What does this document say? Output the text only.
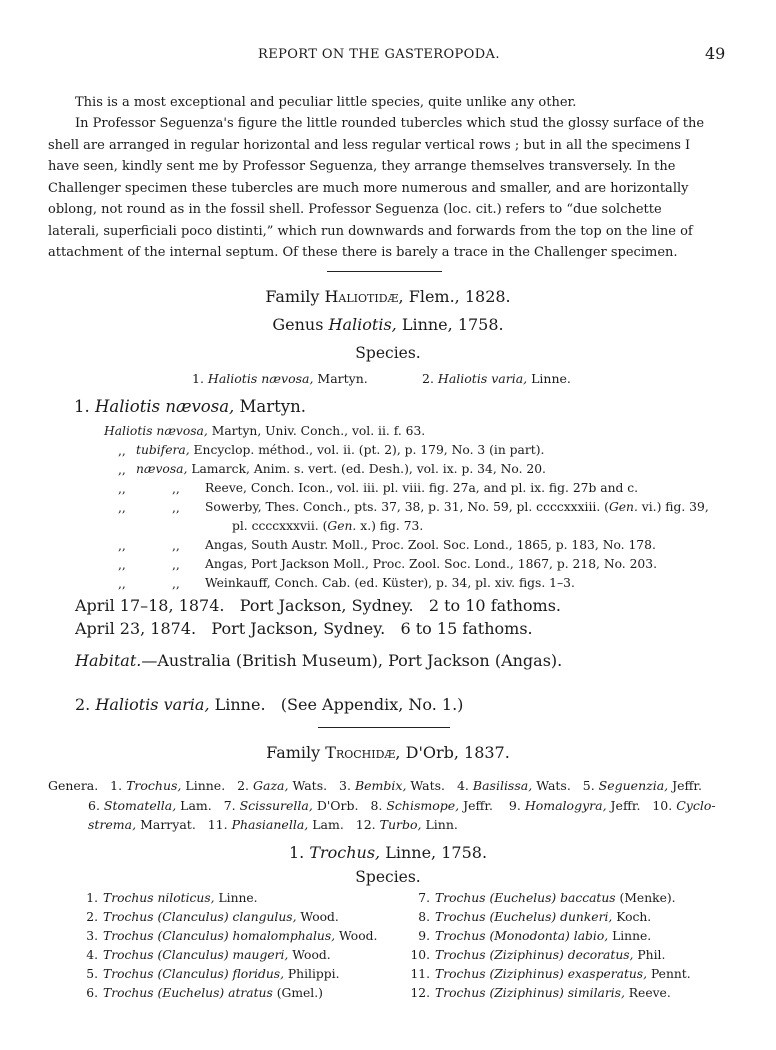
REPORT ON THE GASTEROPODA.	49
This is a most exceptional and peculiar little species, quite unlike any other.
In Professor Seguenza's figure the little rounded tubercles which stud the glossy surface of the
shell are arranged in regular horizontal and less regular vertical rows ; but in all the specimens I
have seen, kindly sent me by Professor Seguenza, they arrange themselves transversely. In the
Challenger specimen these tubercles are much more numerous and smaller, and are horizontally
oblong, not round as in the fossil shell. Professor Seguenza (loc. cit.) refers to “due solchette
laterali, superficiali poco distinti,” which run downwards and forwards from the top on the line of
attachment of the internal septum. Of these there is barely a trace in the Challenger specimen.
Family Haliotidæ, Flem., 1828.
Genus Haliotis, Linne, 1758.
Species.
1. Haliotis nævosa, Martyn.	2. Haliotis varia, Linne.
1. Haliotis nævosa, Martyn.
Haliotis nævosa, Martyn, Univ. Conch., vol. ii. f. 63.
,, tubifera, Encyclop. méthod., vol. ii. (pt. 2), p. 179, No. 3 (in part).
,, nævosa, Lamarck, Anim. s. vert. (ed. Desh.), vol. ix. p. 34, No. 20.
,,	,, Reeve, Conch. Icon., vol. iii. pl. viii. fig. 27a, and pl. ix. fig. 27b and c.
,,	,, Sowerby, Thes. Conch., pts. 37, 38, p. 31, No. 59, pl. ccccxxxiii. (Gen. vi.) fig. 39,
pl. ccccxxxvii. (Gen. x.) fig. 73.
,,	,, Angas, South Austr. Moll., Proc. Zool. Soc. Lond., 1865, p. 183, No. 178.
,,	,, Angas, Port Jackson Moll., Proc. Zool. Soc. Lond., 1867, p. 218, No. 203.
,,	,, Weinkauff, Conch. Cab. (ed. Küster), p. 34, pl. xiv. figs. 1–3.
April 17–18, 1874.   Port Jackson, Sydney.   2 to 10 fathoms.
April 23, 1874.   Port Jackson, Sydney.   6 to 15 fathoms.
Habitat.—Australia (British Museum), Port Jackson (Angas).
2. Haliotis varia, Linne.   (See Appendix, No. 1.)
Family Trochidæ, D'Orb, 1837.
Genera. 1. Trochus, Linne. 2. Gaza, Wats. 3. Bembix, Wats. 4. Basilissa, Wats. 5. Seguenzia, Jeffr.
6. Stomatella, Lam. 7. Scissurella, D'Orb. 8. Schismope, Jeffr. 9. Homalogyra, Jeffr. 10. Cyclo-
strema, Marryat. 11. Phasianella, Lam. 12. Turbo, Linn.
1. Trochus, Linne, 1758.
Species.
1. Trochus niloticus, Linne.
2. Trochus (Clanculus) clangulus, Wood.
3. Trochus (Clanculus) homalomphalus, Wood.
4. Trochus (Clanculus) maugeri, Wood.
5. Trochus (Clanculus) floridus, Philippi.
6. Trochus (Euchelus) atratus (Gmel.)
7. Trochus (Euchelus) baccatus (Menke).
8. Trochus (Euchelus) dunkeri, Koch.
9. Trochus (Monodonta) labio, Linne.
10. Trochus (Ziziphinus) decoratus, Phil.
11. Trochus (Ziziphinus) exasperatus, Pennt.
12. Trochus (Ziziphinus) similaris, Reeve.
